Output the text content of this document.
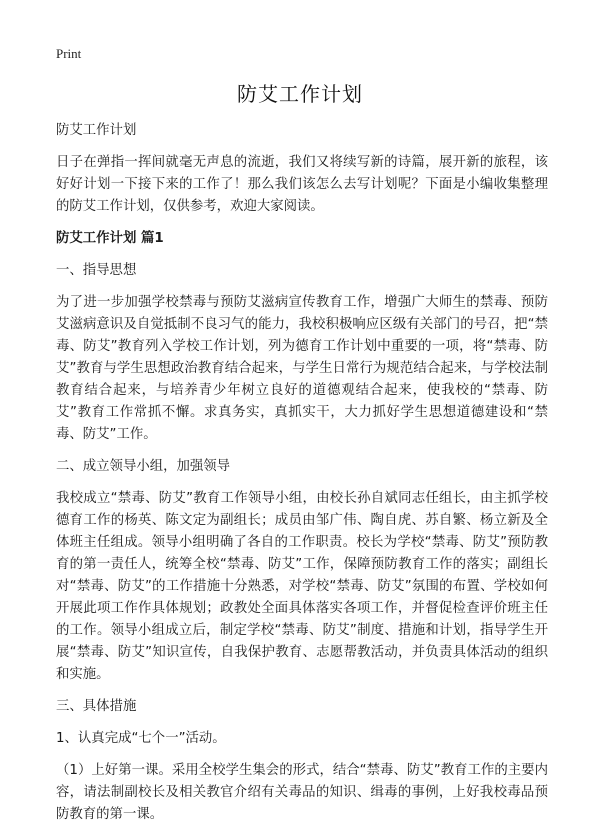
Print
防艾工作计划

防艾工作计划

日子在弹指一挥间就毫无声息的流逝，我们又将续写新的诗篇，展开新的旅程，该好好计划一下接下来的工作了！那么我们该怎么去写计划呢？下面是小编收集整理的防艾工作计划，仅供参考，欢迎大家阅读。

防艾工作计划 篇1

一、指导思想

为了进一步加强学校禁毒与预防艾滋病宣传教育工作，增强广大师生的禁毒、预防艾滋病意识及自觉抵制不良习气的能力，我校积极响应区级有关部门的号召，把“禁毒、防艾”教育列入学校工作计划，列为德育工作计划中重要的一项，将“禁毒、防艾”教育与学生思想政治教育结合起来，与学生日常行为规范结合起来，与学校法制教育结合起来，与培养青少年树立良好的道德观结合起来，使我校的“禁毒、防艾”教育工作常抓不懈。求真务实，真抓实干，大力抓好学生思想道德建设和“禁毒、防艾”工作。

二、成立领导小组，加强领导

我校成立“禁毒、防艾”教育工作领导小组，由校长孙自斌同志任组长，由主抓学校德育工作的杨英、陈文定为副组长；成员由邹广伟、陶自虎、苏自繁、杨立新及全体班主任组成。领导小组明确了各自的工作职责。校长为学校“禁毒、防艾”预防教育的第一责任人，统筹全校“禁毒、防艾”工作，保障预防教育工作的落实；副组长对“禁毒、防艾”的工作措施十分熟悉，对学校“禁毒、防艾”氛围的布置、学校如何开展此项工作作具体规划；政教处全面具体落实各项工作，并督促检查评价班主任的工作。领导小组成立后，制定学校“禁毒、防艾”制度、措施和计划，指导学生开展“禁毒、防艾”知识宣传，自我保护教育、志愿帮教活动，并负责具体活动的组织和实施。

三、具体措施

1、认真完成“七个一”活动。

（1）上好第一课。采用全校学生集会的形式，结合“禁毒、防艾”教育工作的主要内容，请法制副校长及相关教官介绍有关毒品的知识、缉毒的事例，上好我校毒品预防教育的第一课。
